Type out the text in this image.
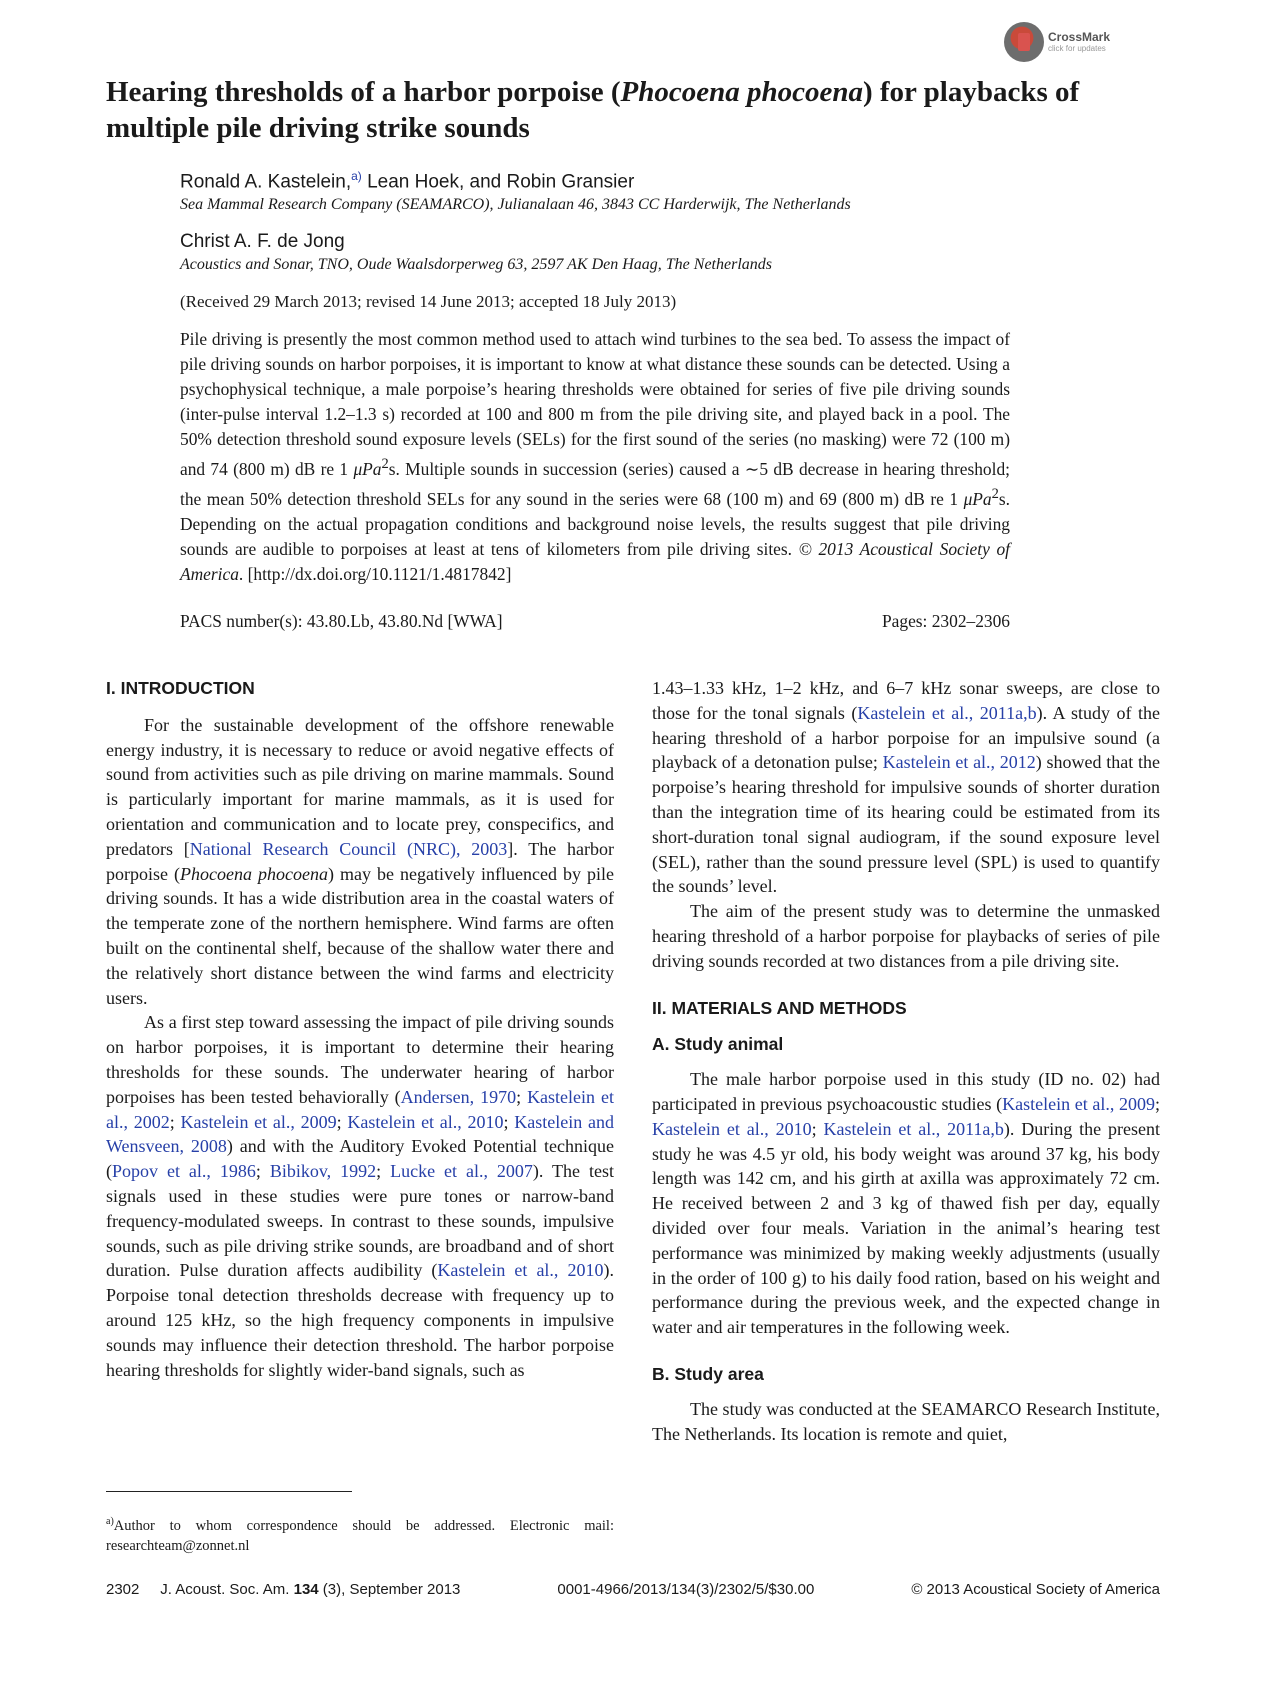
CrossMark
click for updates
Hearing thresholds of a harbor porpoise (Phocoena phocoena) for playbacks of multiple pile driving strike sounds
Ronald A. Kastelein,$^{a)}$ Lean Hoek, and Robin Gransier
Sea Mammal Research Company (SEAMARCO), Julianalaan 46, 3843 CC Harderwijk, The Netherlands
Christ A. F. de Jong
Acoustics and Sonar, TNO, Oude Waalsdorperweg 63, 2597 AK Den Haag, The Netherlands
(Received 29 March 2013; revised 14 June 2013; accepted 18 July 2013)

Pile driving is presently the most common method used to attach wind turbines to the sea bed. To assess the impact of pile driving sounds on harbor porpoises, it is important to know at what distance these sounds can be detected. Using a psychophysical technique, a male porpoise’s hearing thresholds were obtained for series of five pile driving sounds (inter-pulse interval 1.2–1.3 s) recorded at 100 and 800 m from the pile driving site, and played back in a pool. The 50% detection threshold sound exposure levels (SELs) for the first sound of the series (no masking) were 72 (100 m) and 74 (800 m) dB re 1 μPa$^2$s. Multiple sounds in succession (series) caused a ∼5 dB decrease in hearing threshold; the mean 50% detection threshold SELs for any sound in the series were 68 (100 m) and 69 (800 m) dB re 1 μPa$^2$s. Depending on the actual propagation conditions and background noise levels, the results suggest that pile driving sounds are audible to porpoises at least at tens of kilometers from pile driving sites. © 2013 Acoustical Society of America. [http://dx.doi.org/10.1121/1.4817842]

PACS number(s): 43.80.Lb, 43.80.Nd [WWA]	Pages: 2302–2306
I. INTRODUCTION

For the sustainable development of the offshore renewable energy industry, it is necessary to reduce or avoid negative effects of sound from activities such as pile driving on marine mammals. Sound is particularly important for marine mammals, as it is used for orientation and communication and to locate prey, conspecifics, and predators [National Research Council (NRC), 2003]. The harbor porpoise (Phocoena phocoena) may be negatively influenced by pile driving sounds. It has a wide distribution area in the coastal waters of the temperate zone of the northern hemisphere. Wind farms are often built on the continental shelf, because of the shallow water there and the relatively short distance between the wind farms and electricity users.

As a first step toward assessing the impact of pile driving sounds on harbor porpoises, it is important to determine their hearing thresholds for these sounds. The underwater hearing of harbor porpoises has been tested behaviorally (Andersen, 1970; Kastelein et al., 2002; Kastelein et al., 2009; Kastelein et al., 2010; Kastelein and Wensveen, 2008) and with the Auditory Evoked Potential technique (Popov et al., 1986; Bibikov, 1992; Lucke et al., 2007). The test signals used in these studies were pure tones or narrow-band frequency-modulated sweeps. In contrast to these sounds, impulsive sounds, such as pile driving strike sounds, are broadband and of short duration. Pulse duration affects audibility (Kastelein et al., 2010). Porpoise tonal detection thresholds decrease with frequency up to around 125 kHz, so the high frequency components in impulsive sounds may influence their detection threshold. The harbor porpoise hearing thresholds for slightly wider-band signals, such as

1.43–1.33 kHz, 1–2 kHz, and 6–7 kHz sonar sweeps, are close to those for the tonal signals (Kastelein et al., 2011a,b). A study of the hearing threshold of a harbor porpoise for an impulsive sound (a playback of a detonation pulse; Kastelein et al., 2012) showed that the porpoise’s hearing threshold for impulsive sounds of shorter duration than the integration time of its hearing could be estimated from its short-duration tonal signal audiogram, if the sound exposure level (SEL), rather than the sound pressure level (SPL) is used to quantify the sounds’ level.

The aim of the present study was to determine the unmasked hearing threshold of a harbor porpoise for playbacks of series of pile driving sounds recorded at two distances from a pile driving site.

II. MATERIALS AND METHODS
A. Study animal

The male harbor porpoise used in this study (ID no. 02) had participated in previous psychoacoustic studies (Kastelein et al., 2009; Kastelein et al., 2010; Kastelein et al., 2011a,b). During the present study he was 4.5 yr old, his body weight was around 37 kg, his body length was 142 cm, and his girth at axilla was approximately 72 cm. He received between 2 and 3 kg of thawed fish per day, equally divided over four meals. Variation in the animal’s hearing test performance was minimized by making weekly adjustments (usually in the order of 100 g) to his daily food ration, based on his weight and performance during the previous week, and the expected change in water and air temperatures in the following week.

B. Study area

The study was conducted at the SEAMARCO Research Institute, The Netherlands. Its location is remote and quiet,

$^{a)}$Author to whom correspondence should be addressed. Electronic mail: researchteam@zonnet.nl
2302 J. Acoust. Soc. Am. 134 (3), September 2013	0001-4966/2013/134(3)/2302/5/$30.00	© 2013 Acoustical Society of America
